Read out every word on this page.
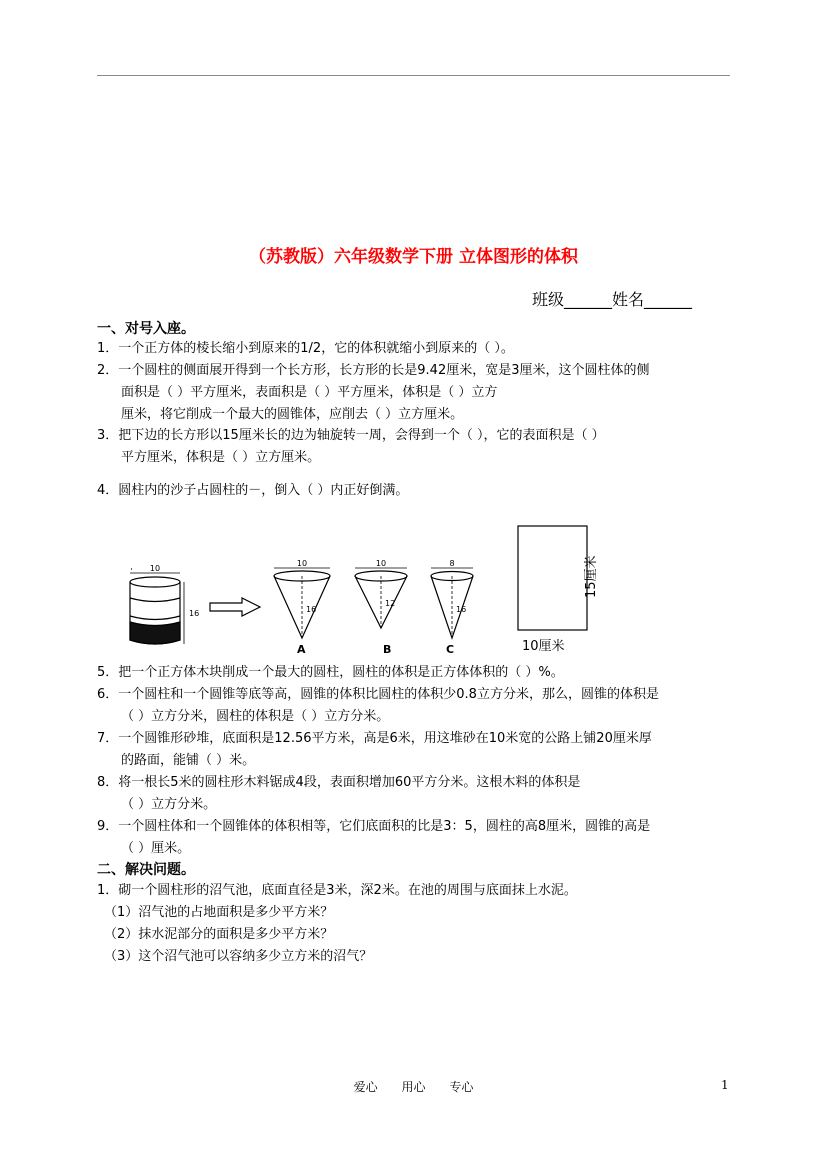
（苏教版）六年级数学下册 立体图形的体积
班级______姓名______
一、对号入座。
1．一个正方体的棱长缩小到原来的1/2，它的体积就缩小到原来的（ ）。
2．一个圆柱的侧面展开得到一个长方形，长方形的长是9.42厘米，宽是3厘米，这个圆柱体的侧
面积是（ ）平方厘米，表面积是（ ）平方厘米，体积是（ ）立方
厘米，将它削成一个最大的圆锥体，应削去（ ）立方厘米。
3．把下边的长方形以15厘米长的边为轴旋转一周，会得到一个（ ），它的表面积是（ ）
平方厘米，体积是（ ）立方厘米。
4．圆柱内的沙子占圆柱的－，倒入（ ）内正好倒满。
10
16
10
16
A
10
12
B
8
16
C	10厘米
15厘米
5．把一个正方体木块削成一个最大的圆柱，圆柱的体积是正方体体积的（ ）%。
6．一个圆柱和一个圆锥等底等高，圆锥的体积比圆柱的体积少0.8立方分米，那么，圆锥的体积是
（ ）立方分米，圆柱的体积是（ ）立方分米。
7．一个圆锥形砂堆，底面积是12.56平方米，高是6米，用这堆砂在10米宽的公路上铺20厘米厚
的路面，能铺（ ）米。
8．将一根长5米的圆柱形木料锯成4段，表面积增加60平方分米。这根木料的体积是
（ ）立方分米。
9．一个圆柱体和一个圆锥体的体积相等，它们底面积的比是3：5，圆柱的高8厘米，圆锥的高是
（ ）厘米。
二、解决问题。
1．砌一个圆柱形的沼气池，底面直径是3米，深2米。在池的周围与底面抹上水泥。
（1）沼气池的占地面积是多少平方米？
（2）抹水泥部分的面积是多少平方米？
（3）这个沼气池可以容纳多少立方米的沼气？
爱心 用心 专心	1
